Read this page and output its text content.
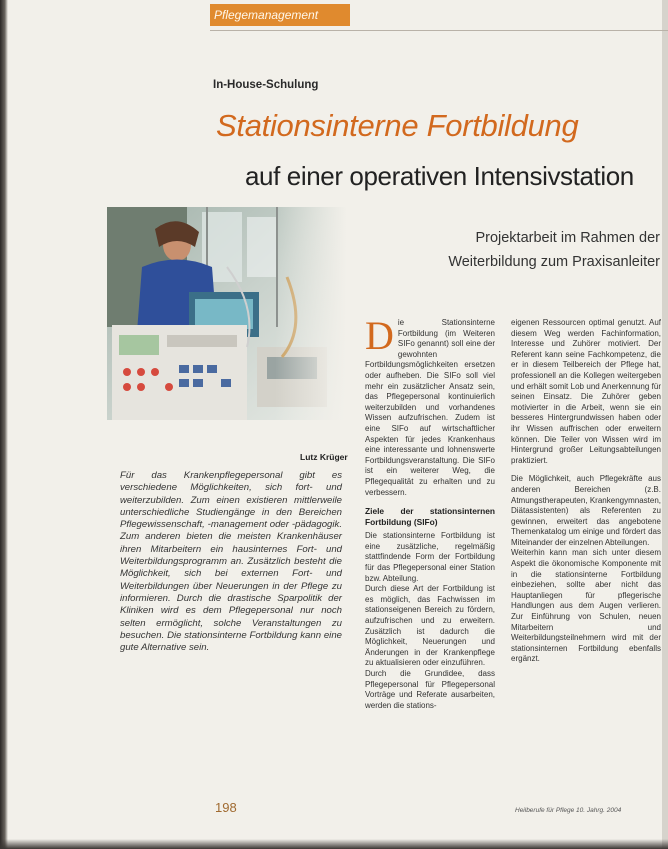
Pflegemanagement
In-House-Schulung
Stationsinterne Fortbildung
auf einer operativen Intensivstation
Projektarbeit im Rahmen der Weiterbildung zum Praxisanleiter
Lutz Krüger
Für das Krankenpflegepersonal gibt es verschiedene Möglichkeiten, sich fort- und weiterzubilden. Zum einen existieren mittlerweile unterschiedliche Studiengänge in den Bereichen Pflegewissenschaft, -management oder -pädagogik. Zum anderen bieten die meisten Krankenhäuser ihren Mitarbeitern ein hausinternes Fort- und Weiterbildungsprogramm an. Zusätzlich besteht die Möglichkeit, sich bei externen Fort- und Weiterbildungen über Neuerungen in der Pflege zu informieren. Durch die drastische Sparpolitik der Kliniken wird es dem Pflegepersonal nur noch selten ermöglicht, solche Veranstaltungen zu besuchen. Die stationsinterne Fortbildung kann eine gute Alternative sein.
D ie Stationsinterne Fortbildung (im Weiteren SIFo genannt) soll eine der gewohnten Fortbildungsmöglichkeiten ersetzen oder aufheben. Die SIFo soll viel mehr ein zusätzlicher Ansatz sein, das Pflegepersonal kontinuierlich weiterzubilden und vorhandenes Wissen aufzufrischen. Zudem ist eine SIFo auf wirtschaftlicher Aspekten für jedes Krankenhaus eine interessante und lohnenswerte Fortbildungsveranstaltung. Die SIFo ist ein weiterer Weg, die Pflegequalität zu erhalten und zu verbessern.

Ziele der stationsinternen Fortbildung (SIFo)

Die stationsinterne Fortbildung ist eine zusätzliche, regelmäßig stattfindende Form der Fortbildung für das Pflegepersonal einer Station bzw. Abteilung.

Durch diese Art der Fortbildung ist es möglich, das Fachwissen im stationseigenen Bereich zu fördern, aufzufrischen und zu erweitern. Zusätzlich ist dadurch die Möglichkeit, Neuerungen und Änderungen in der Krankenpflege zu aktualisieren oder einzuführen.

Durch die Grundidee, dass Pflegepersonal für Pflegepersonal Vorträge und Referate ausarbeiten, werden die stations-

eigenen Ressourcen optimal genutzt. Auf diesem Weg werden Fachinformation, Interesse und Zuhörer motiviert. Der Referent kann seine Fachkompetenz, die er in diesem Teilbereich der Pflege hat, professionell an die Kollegen weitergeben und erhält somit Lob und Anerkennung für seinen Einsatz. Die Zuhörer geben motivierter in die Arbeit, wenn sie ein besseres Hintergrundwissen haben oder ihr Wissen auffrischen oder erweitern können. Die Teiler von Wissen wird im Hintergrund großer Leitungsabteilungen praktiziert.

Die Möglichkeit, auch Pflegekräfte aus anderen Bereichen (z.B. Atmungstherapeuten, Krankengymnasten, Diätassistenten) als Referenten zu gewinnen, erweitert das angebotene Themenkatalog um einige und fördert das Miteinander der einzelnen Abteilungen.

Weiterhin kann man sich unter diesem Aspekt die ökonomische Komponente mit in die stationsinterne Fortbildung einbeziehen, sollte aber nicht das Hauptanliegen für pflegerische Handlungen aus dem Augen verlieren. Zur Einführung von Schulen, neuen Mitarbeitern und Weiterbildungsteilnehmern wird mit der stationsinternen Fortbildung ebenfalls ergänzt.

198	Heilberufe für Pflege 10. Jahrg. 2004
